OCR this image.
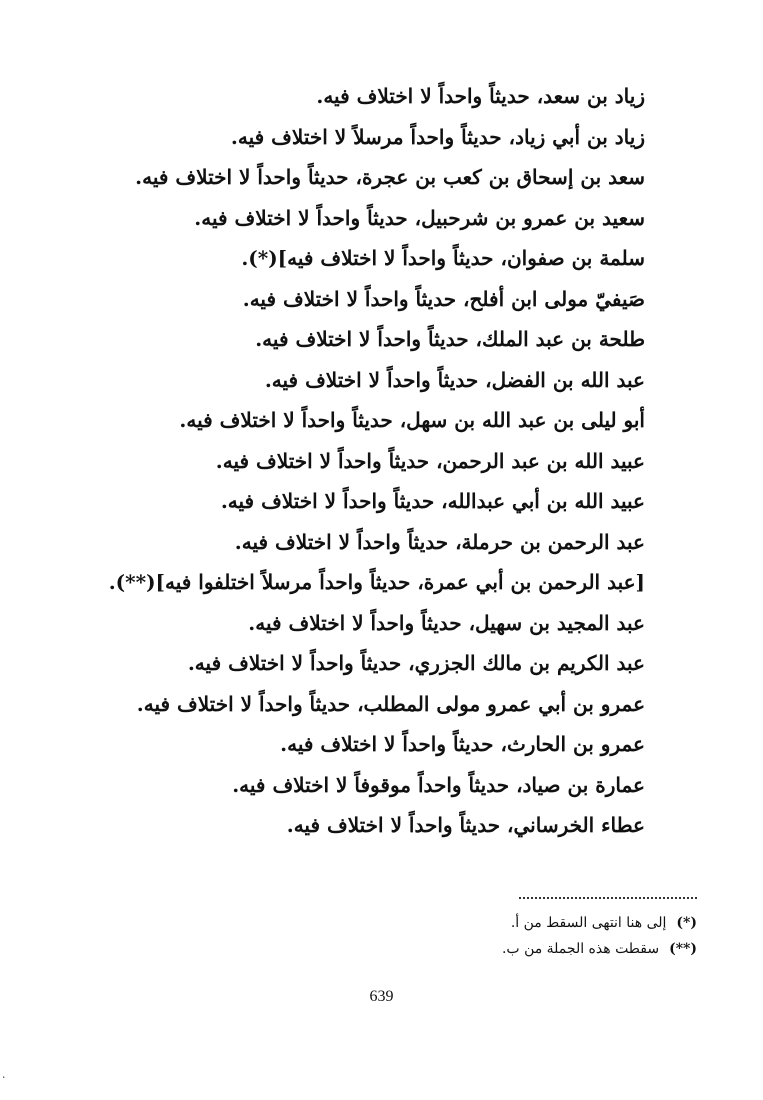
زياد بن سعد، حديثاً واحداً لا اختلاف فيه.
زياد بن أبي زياد، حديثاً واحداً مرسلاً لا اختلاف فيه.
سعد بن إسحاق بن كعب بن عجرة، حديثاً واحداً لا اختلاف فيه.
سعيد بن عمرو بن شرحبيل، حديثاً واحداً لا اختلاف فيه.
سلمة بن صفوان، حديثاً واحداً لا اختلاف فيه](*).
صَيفيّ مولى ابن أفلح، حديثاً واحداً لا اختلاف فيه.
طلحة بن عبد الملك، حديثاً واحداً لا اختلاف فيه.
عبد الله بن الفضل، حديثاً واحداً لا اختلاف فيه.
أبو ليلى بن عبد الله بن سهل، حديثاً واحداً لا اختلاف فيه.
عبيد الله بن عبد الرحمن، حديثاً واحداً لا اختلاف فيه.
عبيد الله بن أبي عبدالله، حديثاً واحداً لا اختلاف فيه.
عبد الرحمن بن حرملة، حديثاً واحداً لا اختلاف فيه.
[عبد الرحمن بن أبي عمرة، حديثاً واحداً مرسلاً اختلفوا فيه](**).
عبد المجيد بن سهيل، حديثاً واحداً لا اختلاف فيه.
عبد الكريم بن مالك الجزري، حديثاً واحداً لا اختلاف فيه.
عمرو بن أبي عمرو مولى المطلب، حديثاً واحداً لا اختلاف فيه.
عمرو بن الحارث، حديثاً واحداً لا اختلاف فيه.
عمارة بن صياد، حديثاً واحداً موقوفاً لا اختلاف فيه.
عطاء الخرساني، حديثاً واحداً لا اختلاف فيه.
(*)إلى هنا انتهى السقط من أ.
(**)سقطت هذه الجملة من ب.
639
٠
